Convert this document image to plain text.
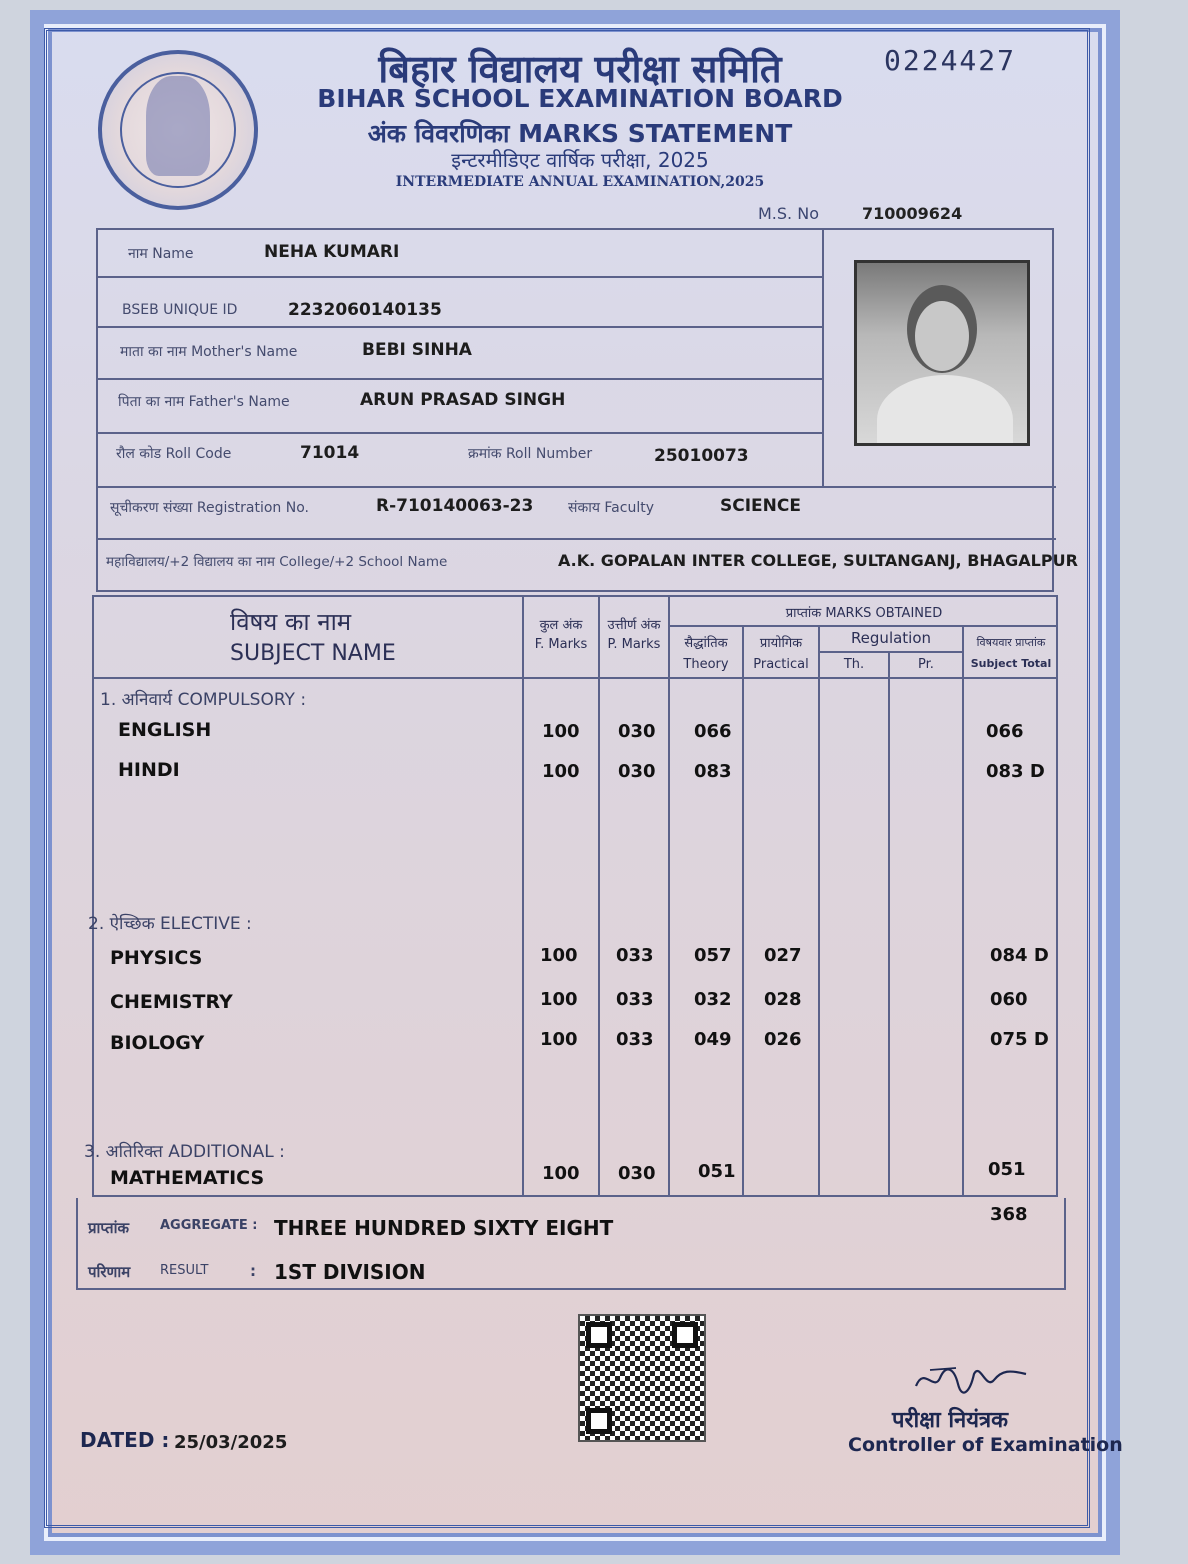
0224427
बिहार विद्यालय परीक्षा समिति
BIHAR SCHOOL EXAMINATION BOARD
अंक विवरणिका MARKS STATEMENT
इन्टरमीडिएट वार्षिक परीक्षा, 2025
INTERMEDIATE ANNUAL EXAMINATION,2025
M.S. No	710009624
नाम Name	NEHA KUMARI
BSEB UNIQUE ID	2232060140135
माता का नाम Mother's Name	BEBI SINHA
पिता का नाम Father's Name	ARUN PRASAD SINGH
रौल कोड Roll Code	71014	क्रमांक Roll Number	25010073
सूचीकरण संख्या Registration No.	R-710140063-23 संकाय Faculty	SCIENCE
महाविद्यालय/+2 विद्यालय का नाम College/+2 School Name	A.K. GOPALAN INTER COLLEGE, SULTANGANJ, BHAGALPUR
विषय का नाम
SUBJECT NAME
कुल अंक
F. Marks
उत्तीर्ण अंक
P. Marks
प्राप्तांक MARKS OBTAINED
सैद्धांतिक
Theory
प्रायोगिक
Practical
Regulation
Th.	Pr.
विषयवार प्राप्तांक
Subject Total
1. अनिवार्य COMPULSORY :
2. ऐच्छिक ELECTIVE :
3. अतिरिक्त ADDITIONAL :
ENGLISH	100 030 066	066
HINDI	100 030 083	083 D
PHYSICS	100 033 057 027	084 D
CHEMISTRY	100 033 032 028	060
BIOLOGY	100 033 049 026	075 D
MATHEMATICS	100 030 051	051
प्राप्तांक AGGREGATE : THREE HUNDRED SIXTY EIGHT
368
परिणाम RESULT	: 1ST DIVISION
DATED : 25/03/2025
परीक्षा नियंत्रक
Controller of Examination
